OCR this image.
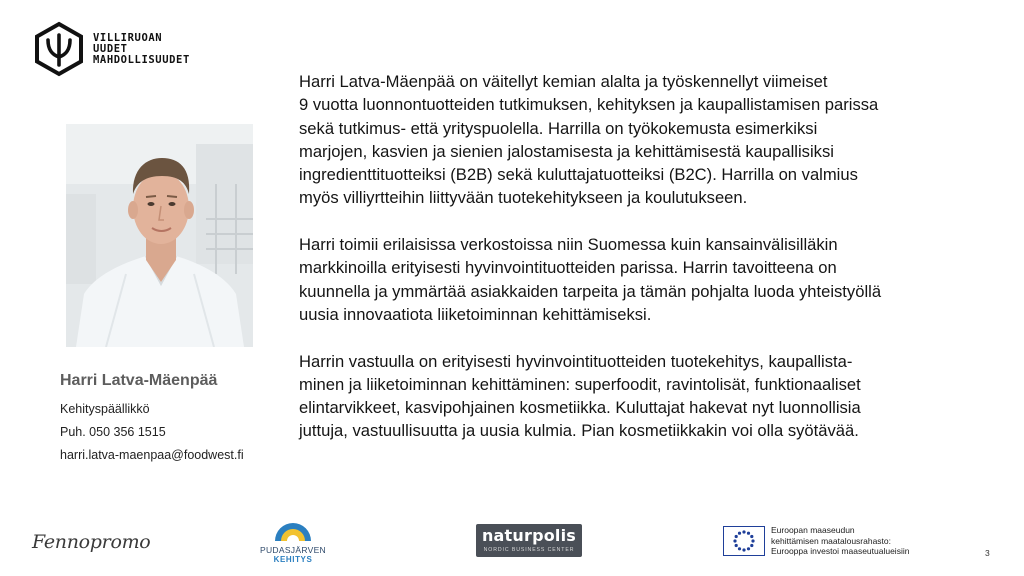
VILLIRUOAN
UUDET
MAHDOLLISUUDET
Harri Latva-Mäenpää
Kehityspäällikkö
Puh. 050 356 1515
harri.latva-maenpaa@foodwest.fi

Harri Latva-Mäenpää on väitellyt kemian alalta ja työskennellyt viimeiset
9 vuotta luonnontuotteiden tutkimuksen, kehityksen ja kaupallistamisen parissa
sekä tutkimus- että yrityspuolella. Harrilla on työkokemusta esimerkiksi
marjojen, kasvien ja sienien jalostamisesta ja kehittämisestä kaupallisiksi
ingredienttituotteiksi (B2B) sekä kuluttajatuotteiksi (B2C). Harrilla on valmius
myös villiyrtteihin liittyvään tuotekehitykseen ja koulutukseen.

Harri toimii erilaisissa verkostoissa niin Suomessa kuin kansainvälisilläkin
markkinoilla erityisesti hyvinvointituotteiden parissa. Harrin tavoitteena on
kuunnella ja ymmärtää asiakkaiden tarpeita ja tämän pohjalta luoda yhteistyöllä
uusia innovaatiota liiketoiminnan kehittämiseksi.

Harrin vastuulla on erityisesti hyvinvointituotteiden tuotekehitys, kaupallista-
minen ja liiketoiminnan kehittäminen: superfoodit, ravintolisät, funktionaaliset
elintarvikkeet, kasvipohjainen kosmetiikka. Kuluttajat hakevat nyt luonnollisia
juttuja, vastuullisuutta ja uusia kulmia. Pian kosmetiikkakin voi olla syötävää.

Fennopromo	PUDASJÄRVEN
KEHITYS
naturpolis
NORDIC BUSINESS CENTER
Euroopan maaseudun
kehittämisen maatalousrahasto:
Eurooppa investoi maaseutualueisiin	3
